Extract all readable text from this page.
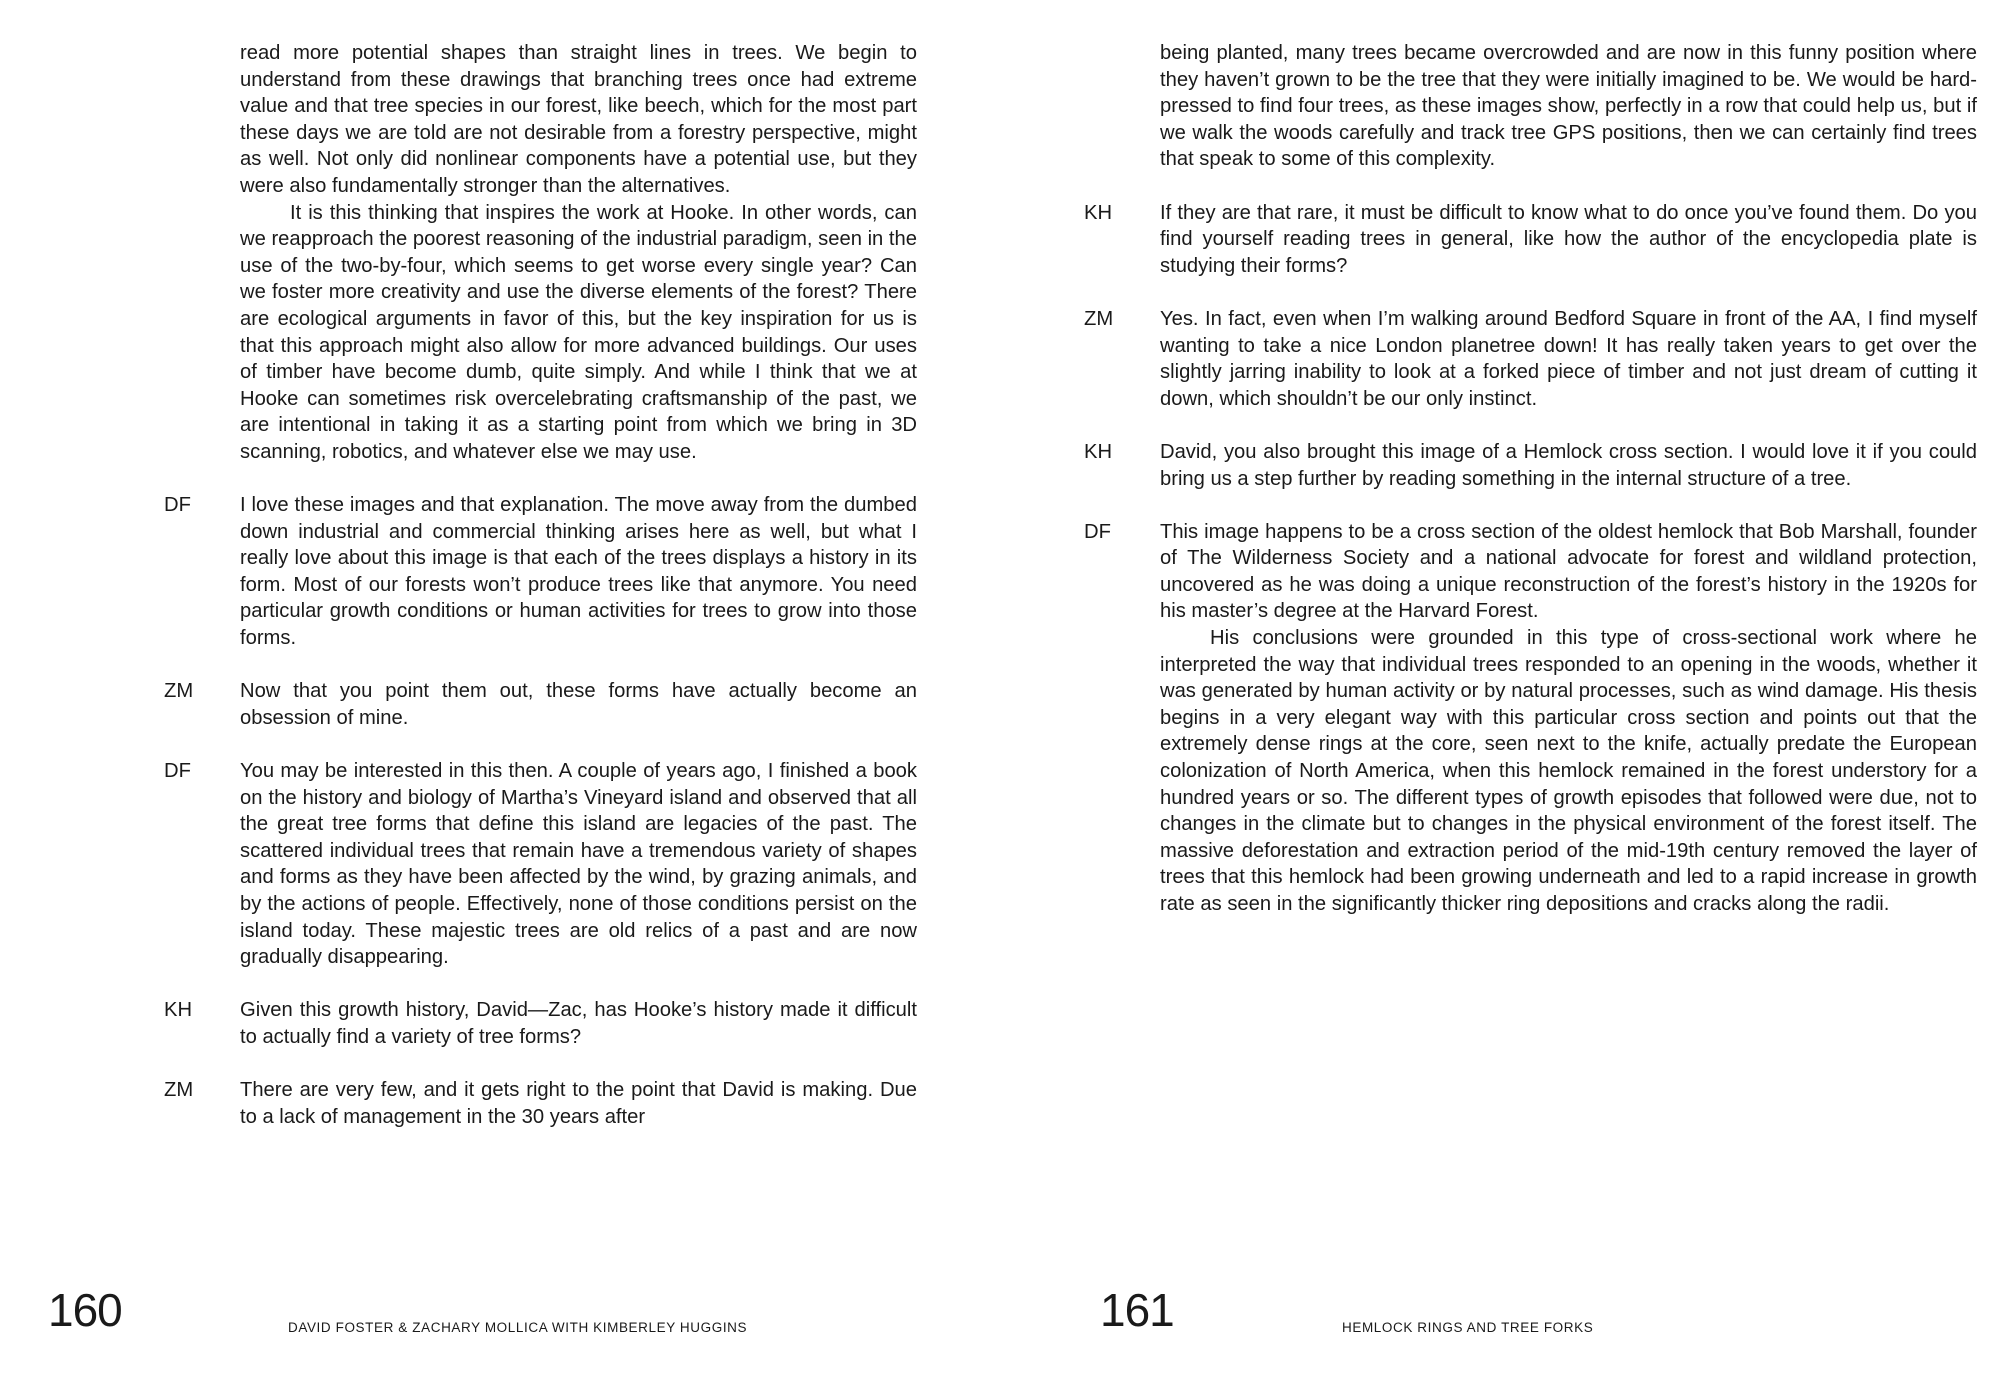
read more potential shapes than straight lines in trees. We begin to understand from these drawings that branching trees once had extreme value and that tree species in our forest, like beech, which for the most part these days we are told are not desirable from a forestry perspective, might as well. Not only did nonlinear components have a potential use, but they were also fundamentally stronger than the alternatives.

It is this thinking that inspires the work at Hooke. In other words, can we reapproach the poorest reasoning of the industrial paradigm, seen in the use of the two-by-four, which seems to get worse every single year? Can we foster more creativity and use the diverse elements of the forest? There are ecological arguments in favor of this, but the key inspiration for us is that this approach might also allow for more advanced buildings. Our uses of timber have become dumb, quite simply. And while I think that we at Hooke can sometimes risk overcelebrating craftsmanship of the past, we are intentional in taking it as a starting point from which we bring in 3D scanning, robotics, and whatever else we may use.

DF	I love these images and that explanation. The move away from the dumbed down industrial and commercial thinking arises here as well, but what I really love about this image is that each of the trees displays a history in its form. Most of our forests won’t produce trees like that anymore. You need particular growth conditions or human activities for trees to grow into those forms.

ZM	Now that you point them out, these forms have actually become an obsession of mine.

DF	You may be interested in this then. A couple of years ago, I finished a book on the history and biology of Martha’s Vineyard island and observed that all the great tree forms that define this island are legacies of the past. The scattered individual trees that remain have a tremendous variety of shapes and forms as they have been affected by the wind, by grazing animals, and by the actions of people. Effectively, none of those conditions persist on the island today. These majestic trees are old relics of a past and are now gradually disappearing.

KH	Given this growth history, David—Zac, has Hooke’s history made it difficult to actually find a variety of tree forms?

ZM	There are very few, and it gets right to the point that David is making. Due to a lack of management in the 30 years after

160	DAVID FOSTER & ZACHARY MOLLICA WITH KIMBERLEY HUGGINS

being planted, many trees became overcrowded and are now in this funny position where they haven’t grown to be the tree that they were initially imagined to be. We would be hard-pressed to find four trees, as these images show, perfectly in a row that could help us, but if we walk the woods carefully and track tree GPS positions, then we can certainly find trees that speak to some of this complexity.

KH	If they are that rare, it must be difficult to know what to do once you’ve found them. Do you find yourself reading trees in general, like how the author of the encyclopedia plate is studying their forms?

ZM	Yes. In fact, even when I’m walking around Bedford Square in front of the AA, I find myself wanting to take a nice London planetree down! It has really taken years to get over the slightly jarring inability to look at a forked piece of timber and not just dream of cutting it down, which shouldn’t be our only instinct.

KH	David, you also brought this image of a Hemlock cross section. I would love it if you could bring us a step further by reading something in the internal structure of a tree.

DF	This image happens to be a cross section of the oldest hemlock that Bob Marshall, founder of The Wilderness Society and a national advocate for forest and wildland protection, uncovered as he was doing a unique reconstruction of the forest’s history in the 1920s for his master’s degree at the Harvard Forest.

His conclusions were grounded in this type of cross-sectional work where he interpreted the way that individual trees responded to an opening in the woods, whether it was generated by human activity or by natural processes, such as wind damage. His thesis begins in a very elegant way with this particular cross section and points out that the extremely dense rings at the core, seen next to the knife, actually predate the European colonization of North America, when this hemlock remained in the forest understory for a hundred years or so. The different types of growth episodes that followed were due, not to changes in the climate but to changes in the physical environment of the forest itself. The massive deforestation and extraction period of the mid-19th century removed the layer of trees that this hemlock had been growing underneath and led to a rapid increase in growth rate as seen in the significantly thicker ring depositions and cracks along the radii.

161	HEMLOCK RINGS AND TREE FORKS
